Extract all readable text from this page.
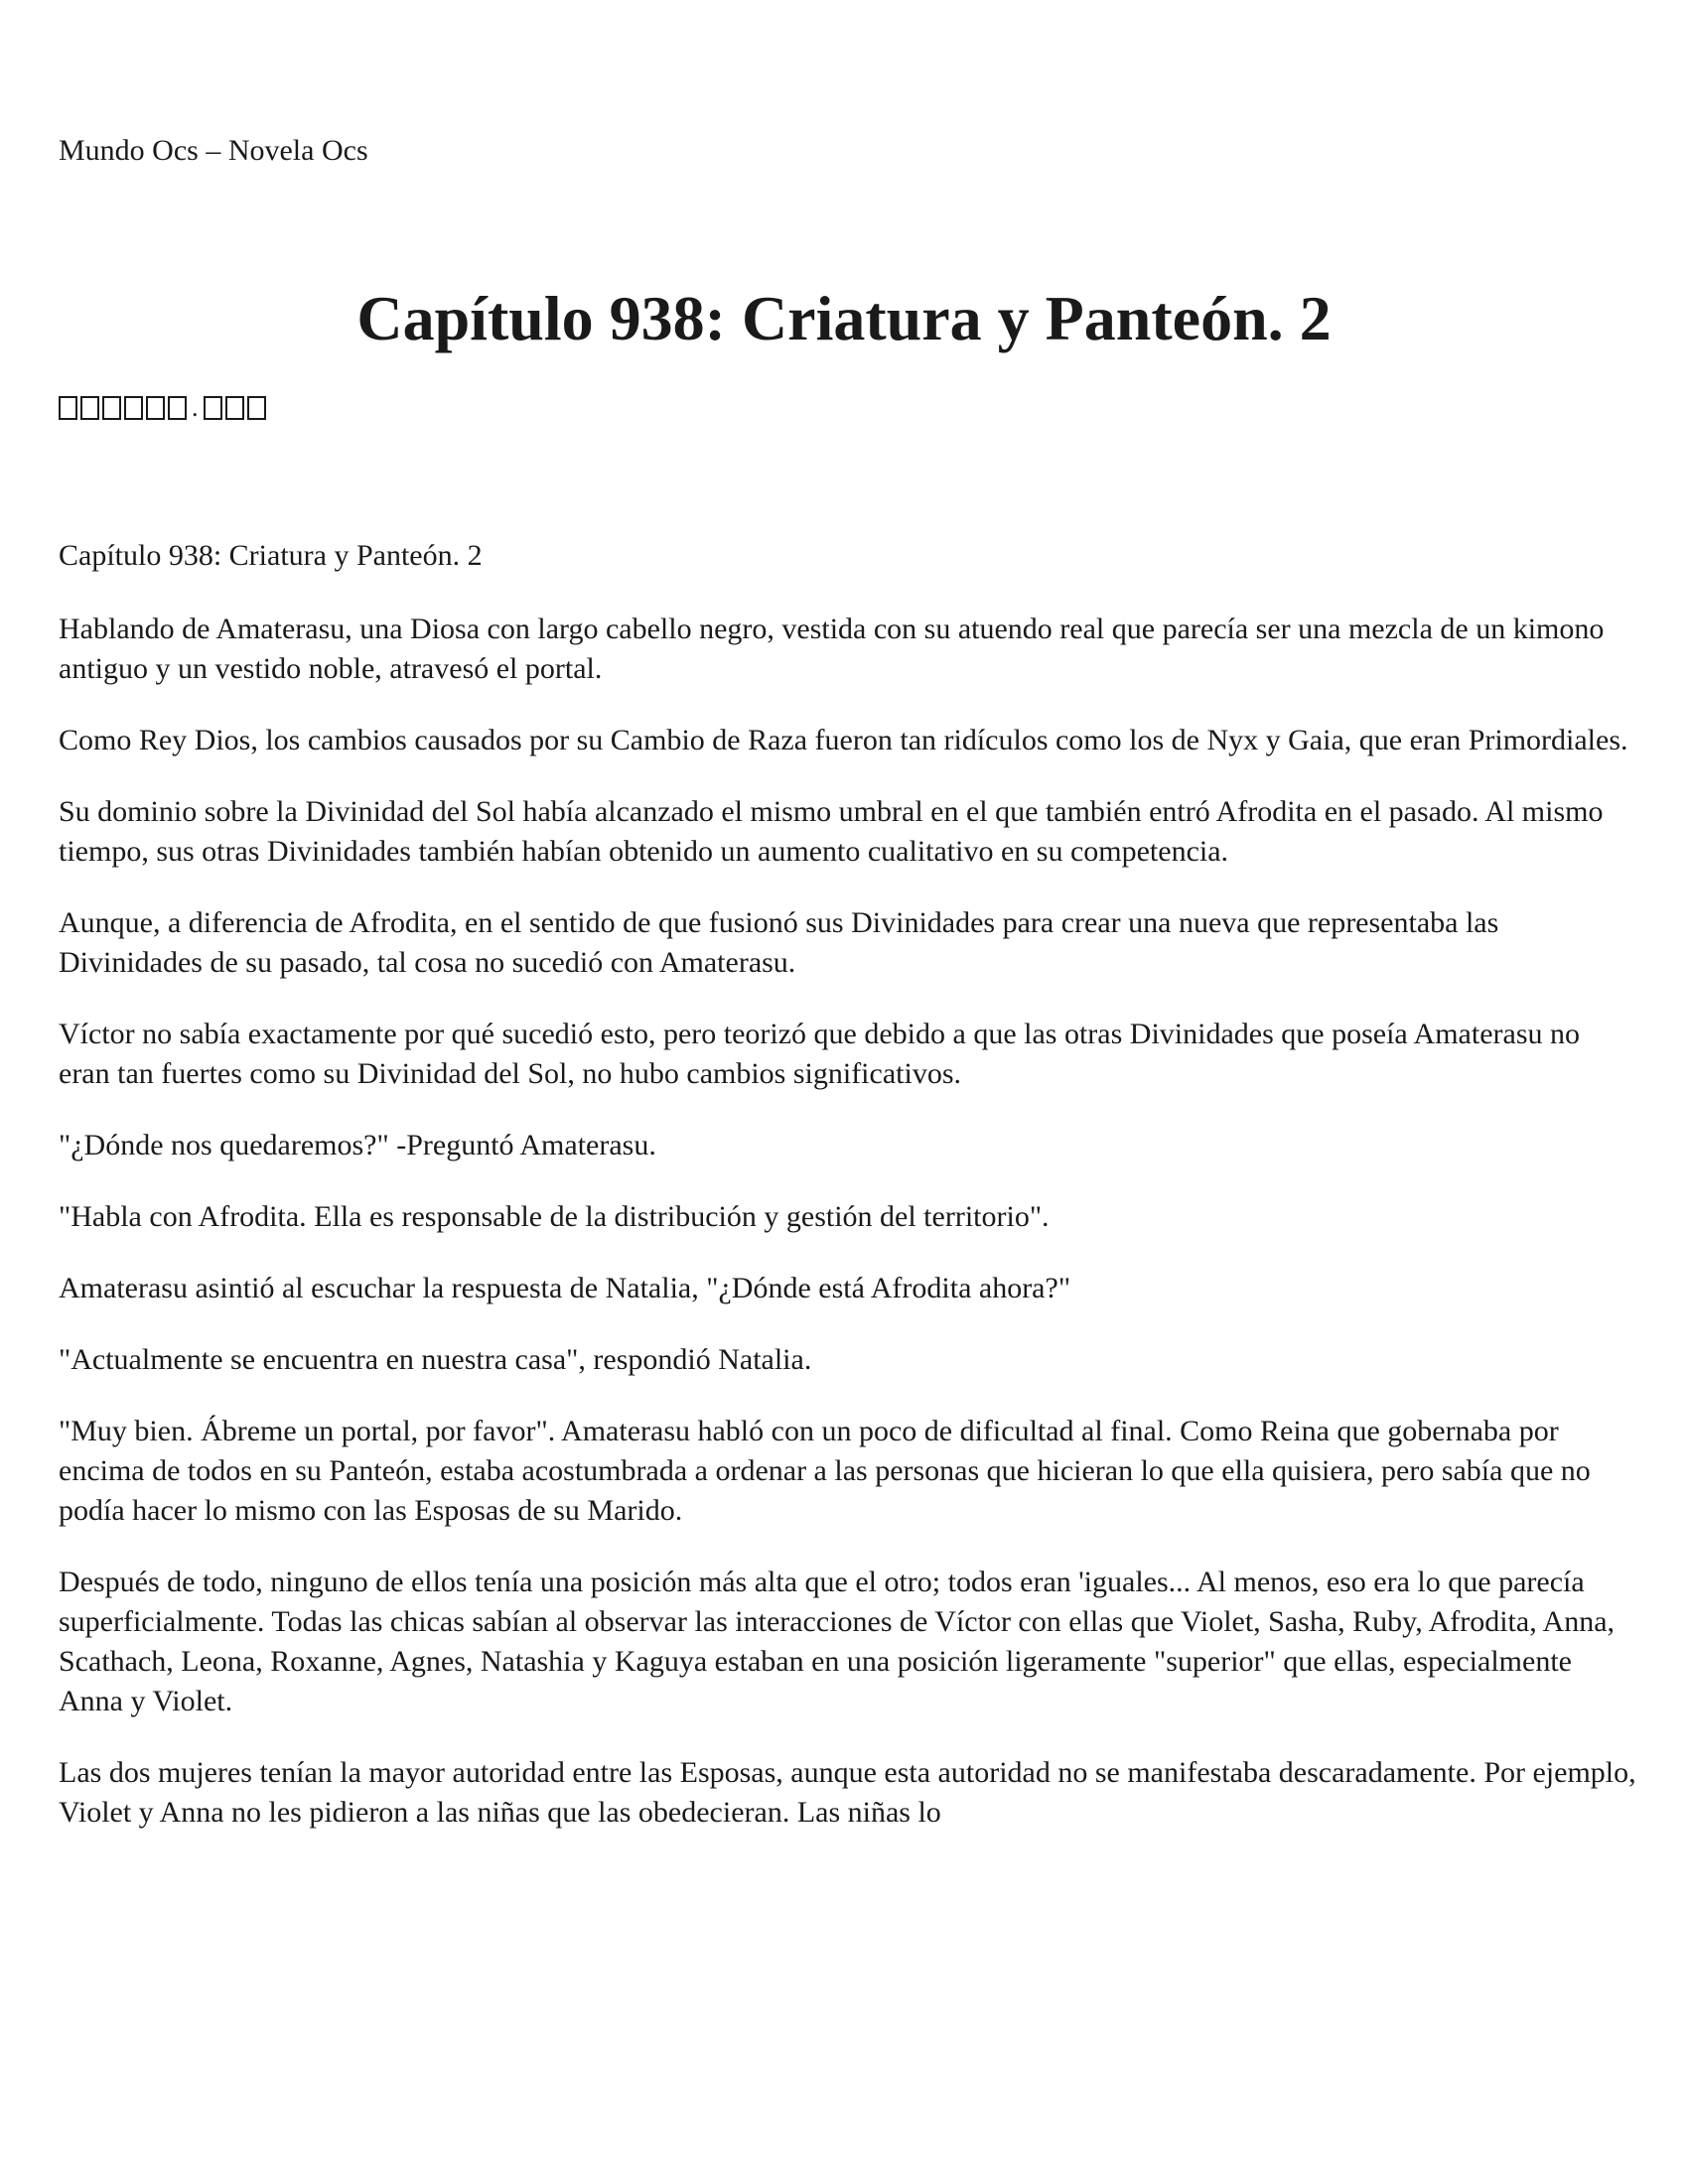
Mundo Ocs – Novela Ocs

Capítulo 938: Criatura y Panteón. 2
.

Capítulo 938: Criatura y Panteón. 2

Hablando de Amaterasu, una Diosa con largo cabello negro, vestida con su atuendo real que parecía ser una mezcla de un kimono antiguo y un vestido noble, atravesó el portal.

Como Rey Dios, los cambios causados por su Cambio de Raza fueron tan ridículos como los de Nyx y Gaia, que eran Primordiales.

Su dominio sobre la Divinidad del Sol había alcanzado el mismo umbral en el que también entró Afrodita en el pasado. Al mismo tiempo, sus otras Divinidades también habían obtenido un aumento cualitativo en su competencia.

Aunque, a diferencia de Afrodita, en el sentido de que fusionó sus Divinidades para crear una nueva que representaba las Divinidades de su pasado, tal cosa no sucedió con Amaterasu.

Víctor no sabía exactamente por qué sucedió esto, pero teorizó que debido a que las otras Divinidades que poseía Amaterasu no eran tan fuertes como su Divinidad del Sol, no hubo cambios significativos.

"¿Dónde nos quedaremos?" -Preguntó Amaterasu.

"Habla con Afrodita. Ella es responsable de la distribución y gestión del territorio".

Amaterasu asintió al escuchar la respuesta de Natalia, "¿Dónde está Afrodita ahora?"

"Actualmente se encuentra en nuestra casa", respondió Natalia.

"Muy bien. Ábreme un portal, por favor". Amaterasu habló con un poco de dificultad al final. Como Reina que gobernaba por encima de todos en su Panteón, estaba acostumbrada a ordenar a las personas que hicieran lo que ella quisiera, pero sabía que no podía hacer lo mismo con las Esposas de su Marido.

Después de todo, ninguno de ellos tenía una posición más alta que el otro; todos eran 'iguales... Al menos, eso era lo que parecía superficialmente. Todas las chicas sabían al observar las interacciones de Víctor con ellas que Violet, Sasha, Ruby, Afrodita, Anna, Scathach, Leona, Roxanne, Agnes, Natashia y Kaguya estaban en una posición ligeramente "superior" que ellas, especialmente Anna y Violet.

Las dos mujeres tenían la mayor autoridad entre las Esposas, aunque esta autoridad no se manifestaba descaradamente. Por ejemplo, Violet y Anna no les pidieron a las niñas que las obedecieran. Las niñas lo
